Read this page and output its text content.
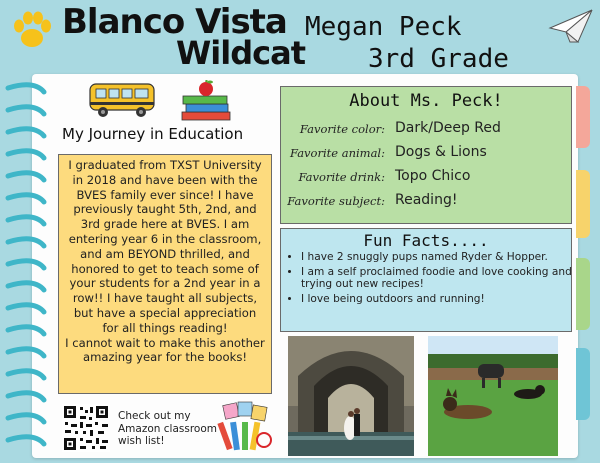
Blanco Vista
Wildcat
Megan Peck
3rd Grade
My Journey in Education
I graduated from TXST University in 2018 and have been with the BVES family ever since! I have previously taught 5th, 2nd, and 3rd grade here at BVES. I am entering year 6 in the classroom, and am BEYOND thrilled, and honored to get to teach some of your students for a 2nd year in a row!! I have taught all subjects, but have a special appreciation for all things reading!
I cannot wait to make this another amazing year for the books!
Check out my Amazon classroom wish list!
About Ms. Peck!
Favorite color: Dark/Deep Red
Favorite animal: Dogs & Lions
Favorite drink: Topo Chico
Favorite subject: Reading!
Fun Facts....
• I have 2 snuggly pups named Ryder & Hopper.
• I am a self proclaimed foodie and love cooking and trying out new recipes!
• I love being outdoors and running!
